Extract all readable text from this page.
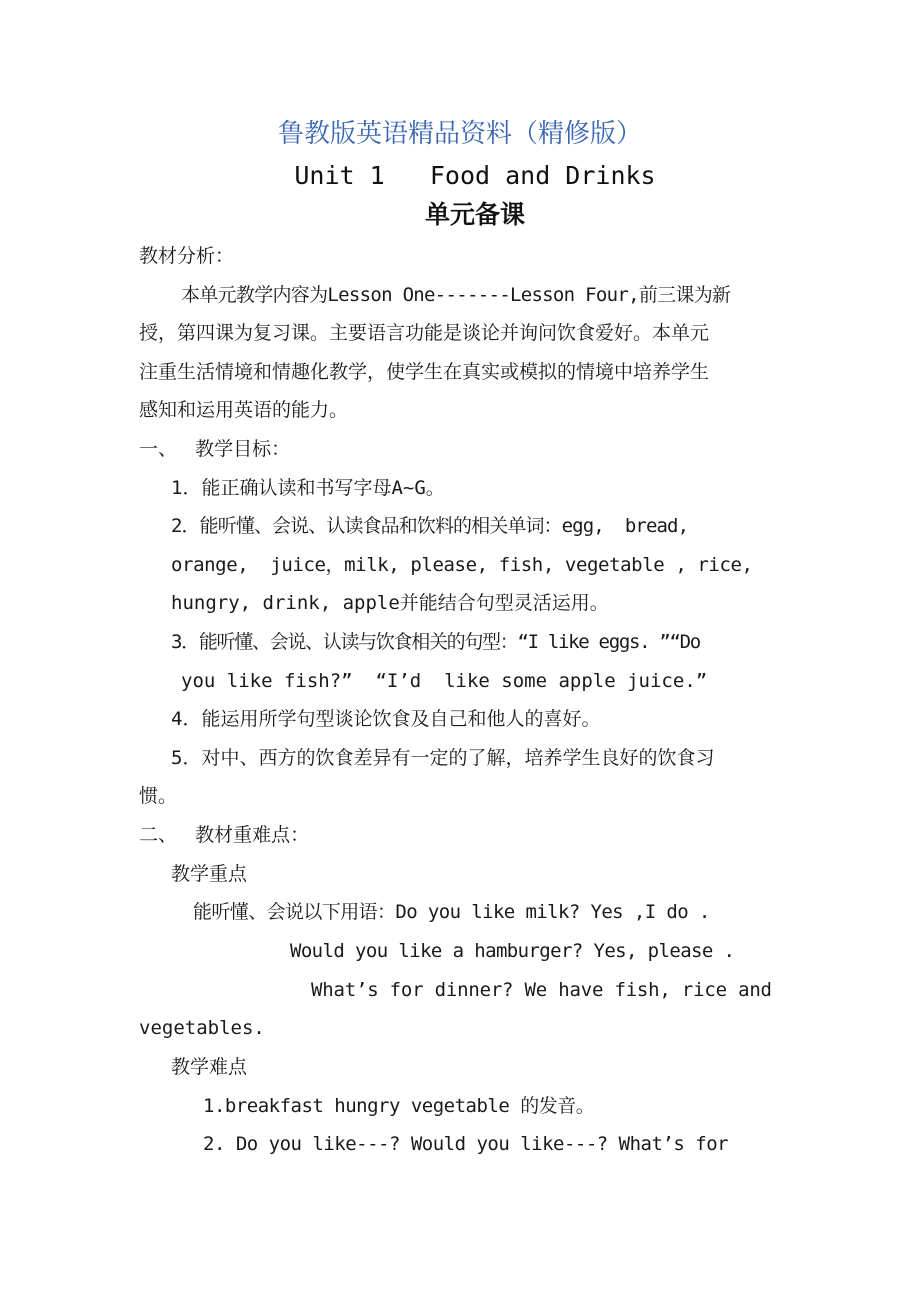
鲁教版英语精品资料（精修版）
Unit 1   Food and Drinks
单元备课
教材分析：
本单元教学内容为Lesson One-------Lesson Four,前三课为新
授，第四课为复习课。主要语言功能是谈论并询问饮食爱好。本单元
注重生活情境和情趣化教学，使学生在真实或模拟的情境中培养学生
感知和运用英语的能力。
一、   教学目标：
1．能正确认读和书写字母A~G。
2．能听懂、会说、认读食品和饮料的相关单词：egg,  bread,
orange,  juice，milk, please, fish, vegetable , rice,
hungry, drink, apple并能结合句型灵活运用。
3．能听懂、会说、认读与饮食相关的句型：“I like eggs. ”“Do
you like fish?”  “I’d  like some apple juice.”
4．能运用所学句型谈论饮食及自己和他人的喜好。
5．对中、西方的饮食差异有一定的了解，培养学生良好的饮食习
惯。
二、   教材重难点：
教学重点
能听懂、会说以下用语：Do you like milk? Yes ,I do .
Would you like a hamburger? Yes, please .
What’s for dinner? We have fish, rice and
vegetables.
教学难点
1.breakfast hungry vegetable 的发音。
2. Do you like---? Would you like---? What’s for
